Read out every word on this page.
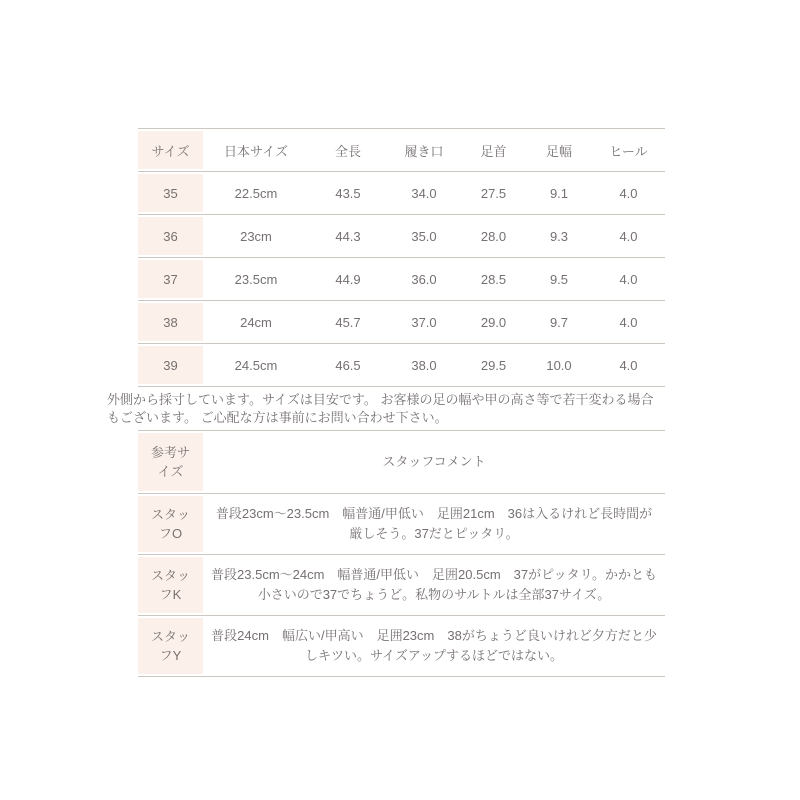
サイズ	日本サイズ	全長	履き口	足首	足幅	ヒール
35	22.5cm	43.5	34.0	27.5	9.1	4.0
36	23cm	44.3	35.0	28.0	9.3	4.0
37	23.5cm	44.9	36.0	28.5	9.5	4.0
38	24cm	45.7	37.0	29.0	9.7	4.0
39	24.5cm	46.5	38.0	29.5	10.0	4.0

外側から採寸しています。サイズは目安です。 お客様の足の幅や甲の高さ等で若干変わる場合もございます。 ご心配な方は事前にお問い合わせ下さい。

参考サイズ	スタッフコメント
スタッフO	普段23cm～23.5cm　幅普通/甲低い　足囲21cm　36は入るけれど長時間が厳しそう。37だとピッタリ。
スタッフK	普段23.5cm～24cm　幅普通/甲低い　足囲20.5cm　37がピッタリ。かかとも小さいので37でちょうど。私物のサルトルは全部37サイズ。
スタッフY	普段24cm　幅広い/甲高い　足囲23cm　38がちょうど良いけれど夕方だと少しキツい。サイズアップするほどではない。
